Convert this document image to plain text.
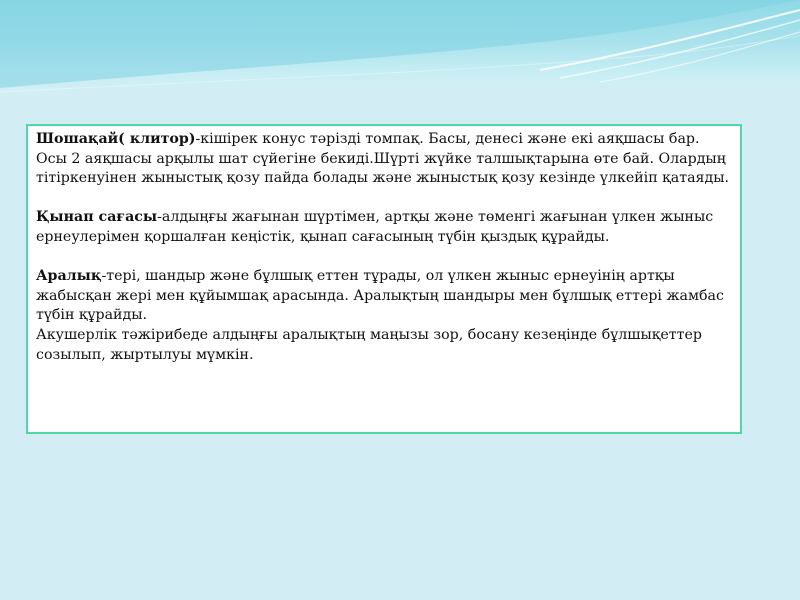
Шошақай( клитор)-кішірек конус тәрізді томпақ. Басы, денесі және екі аяқшасы бар. Осы 2 аяқшасы арқылы шат сүйегіне бекиді.Шүрті жүйке талшықтарына өте бай. Олардың тітіркенуінен жыныстық қозу пайда болады және жыныстық қозу кезінде үлкейіп қатаяды.

Қынап сағасы-алдыңғы жағынан шүртімен, артқы және төменгі жағынан үлкен жыныс ернеулерімен қоршалған кеңістік, қынап сағасының түбін қыздық құрайды.

Аралық-тері, шандыр және бұлшық еттен тұрады, ол үлкен жыныс ернеуінің артқы жабысқан жері мен құйымшақ арасында. Аралықтың шандыры мен бұлшық еттері жамбас түбін құрайды.

Акушерлік тәжірибеде алдыңғы аралықтың маңызы зор, босану кезеңінде бұлшықеттер созылып, жыртылуы мүмкін.
